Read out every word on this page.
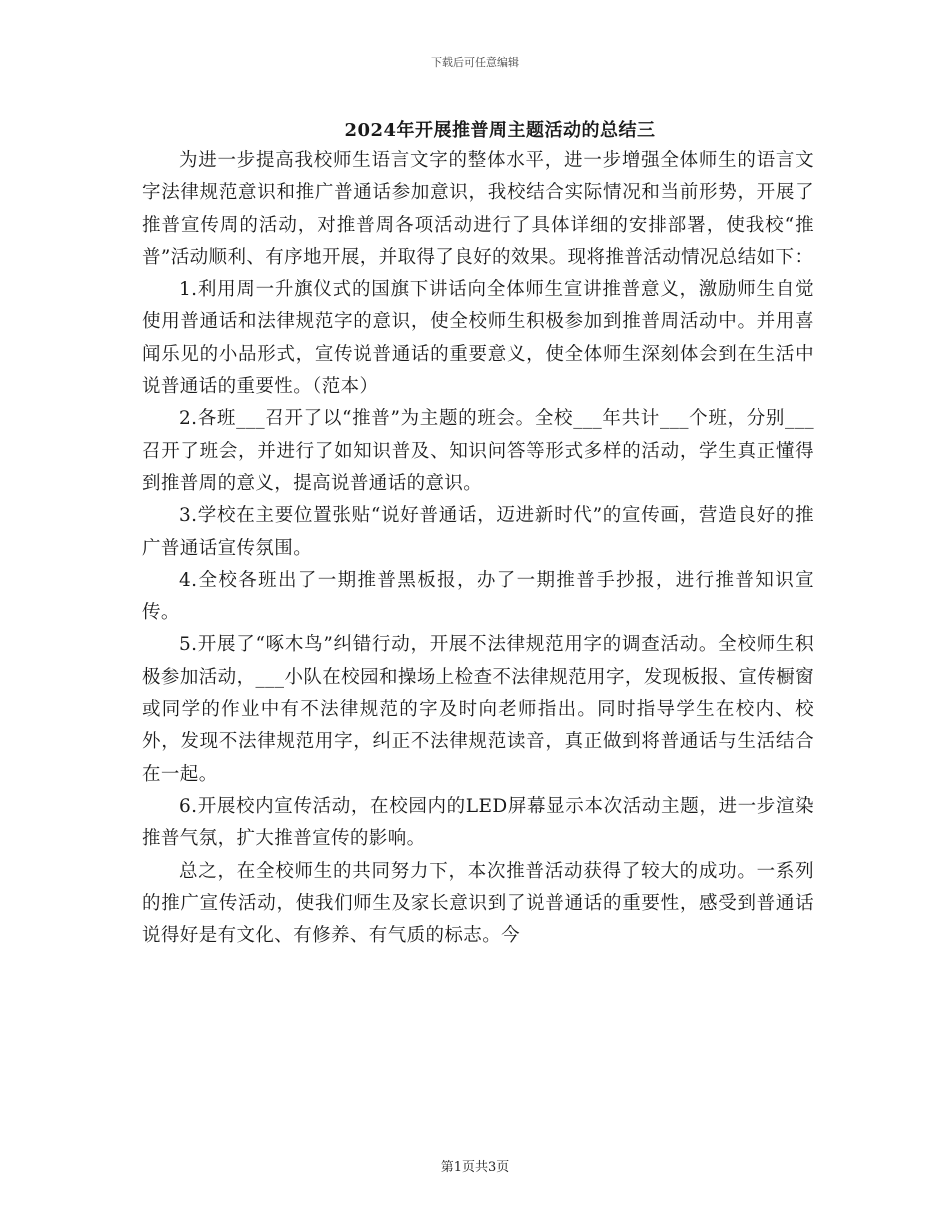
下载后可任意编辑
2024年开展推普周主题活动的总结三

为进一步提高我校师生语言文字的整体水平，进一步增强全体师生的语言文字法律规范意识和推广普通话参加意识，我校结合实际情况和当前形势，开展了推普宣传周的活动，对推普周各项活动进行了具体详细的安排部署，使我校“推普”活动顺利、有序地开展，并取得了良好的效果。现将推普活动情况总结如下：

1.利用周一升旗仪式的国旗下讲话向全体师生宣讲推普意义，激励师生自觉使用普通话和法律规范字的意识，使全校师生积极参加到推普周活动中。并用喜闻乐见的小品形式，宣传说普通话的重要意义，使全体师生深刻体会到在生活中说普通话的重要性。（范本）

2.各班___召开了以“推普”为主题的班会。全校___年共计___个班，分别___召开了班会，并进行了如知识普及、知识问答等形式多样的活动，学生真正懂得到推普周的意义，提高说普通话的意识。

3.学校在主要位置张贴“说好普通话，迈进新时代”的宣传画，营造良好的推广普通话宣传氛围。

4.全校各班出了一期推普黑板报，办了一期推普手抄报，进行推普知识宣传。

5.开展了“啄木鸟”纠错行动，开展不法律规范用字的调查活动。全校师生积极参加活动，___小队在校园和操场上检查不法律规范用字，发现板报、宣传橱窗或同学的作业中有不法律规范的字及时向老师指出。同时指导学生在校内、校外，发现不法律规范用字，纠正不法律规范读音，真正做到将普通话与生活结合在一起。

6.开展校内宣传活动，在校园内的LED屏幕显示本次活动主题，进一步渲染推普气氛，扩大推普宣传的影响。

总之，在全校师生的共同努力下，本次推普活动获得了较大的成功。一系列的推广宣传活动，使我们师生及家长意识到了说普通话的重要性，感受到普通话说得好是有文化、有修养、有气质的标志。今

第1页共3页
